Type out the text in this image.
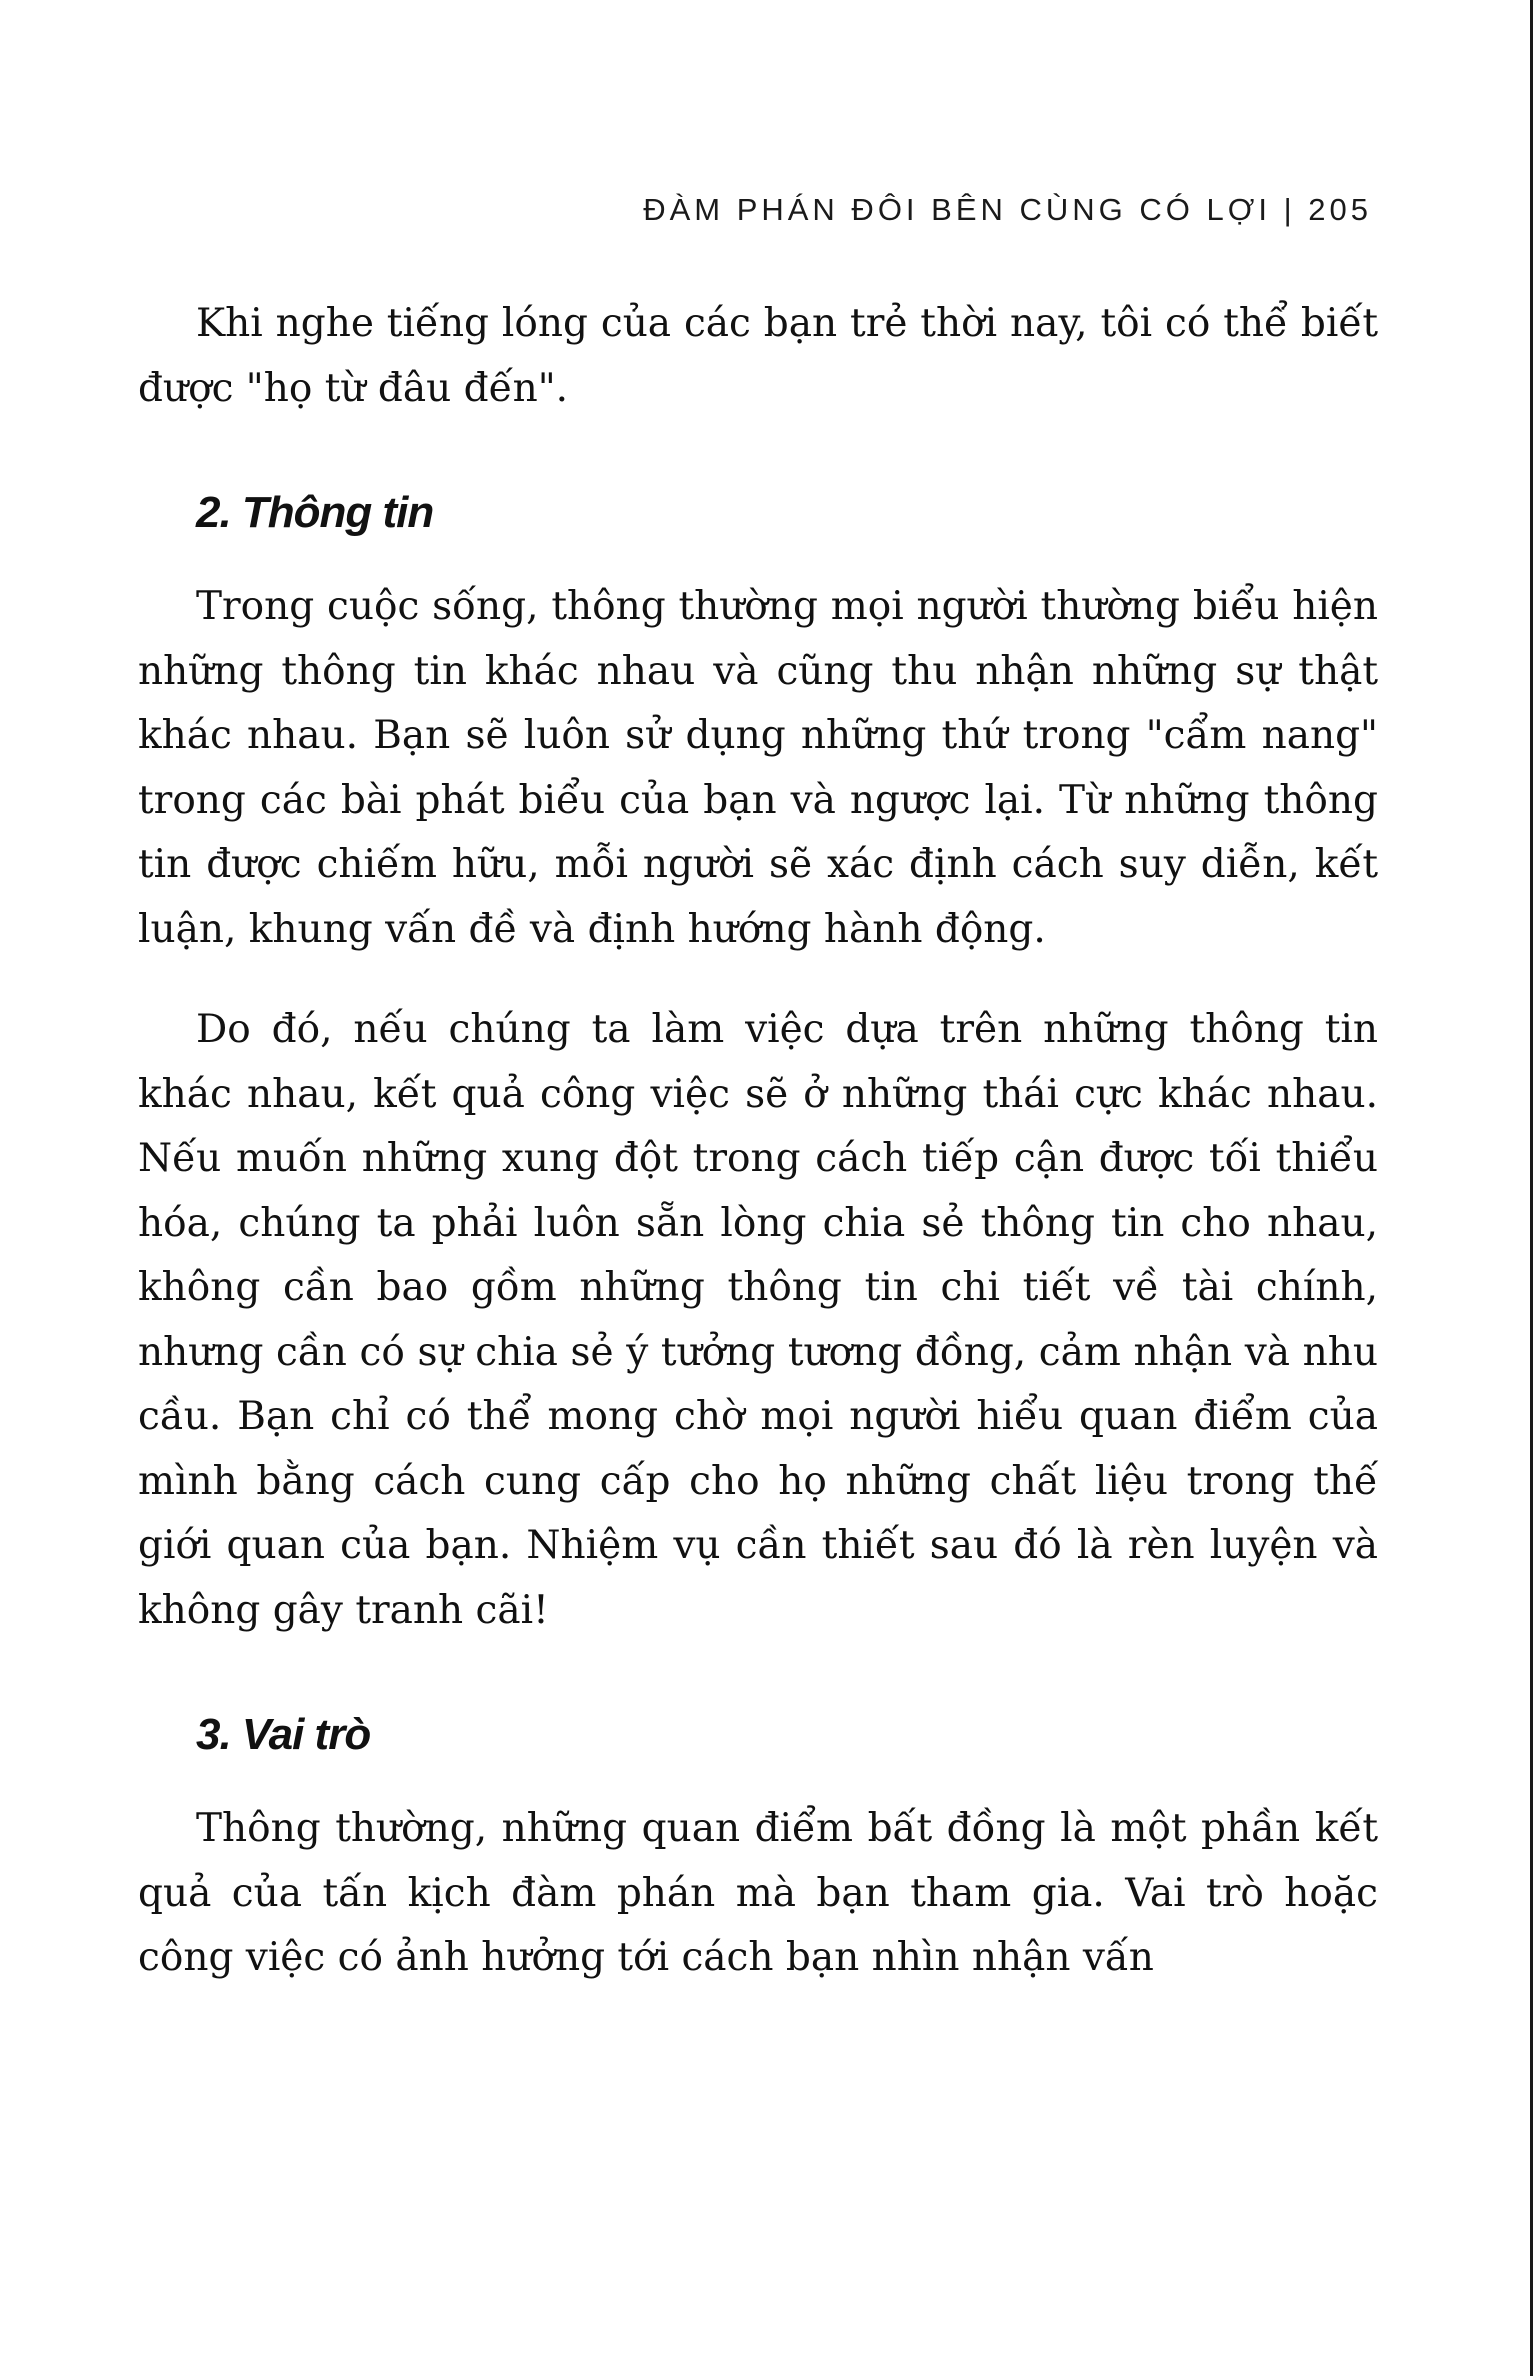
ĐÀM PHÁN ĐÔI BÊN CÙNG CÓ LỢI | 205

Khi nghe tiếng lóng của các bạn trẻ thời nay, tôi có thể biết được "họ từ đâu đến".

2. Thông tin

Trong cuộc sống, thông thường mọi người thường biểu hiện những thông tin khác nhau và cũng thu nhận những sự thật khác nhau. Bạn sẽ luôn sử dụng những thứ trong "cẩm nang" trong các bài phát biểu của bạn và ngược lại. Từ những thông tin được chiếm hữu, mỗi người sẽ xác định cách suy diễn, kết luận, khung vấn đề và định hướng hành động.

Do đó, nếu chúng ta làm việc dựa trên những thông tin khác nhau, kết quả công việc sẽ ở những thái cực khác nhau. Nếu muốn những xung đột trong cách tiếp cận được tối thiểu hóa, chúng ta phải luôn sẵn lòng chia sẻ thông tin cho nhau, không cần bao gồm những thông tin chi tiết về tài chính, nhưng cần có sự chia sẻ ý tưởng tương đồng, cảm nhận và nhu cầu. Bạn chỉ có thể mong chờ mọi người hiểu quan điểm của mình bằng cách cung cấp cho họ những chất liệu trong thế giới quan của bạn. Nhiệm vụ cần thiết sau đó là rèn luyện và không gây tranh cãi!

3. Vai trò

Thông thường, những quan điểm bất đồng là một phần kết quả của tấn kịch đàm phán mà bạn tham gia. Vai trò hoặc công việc có ảnh hưởng tới cách bạn nhìn nhận vấn
